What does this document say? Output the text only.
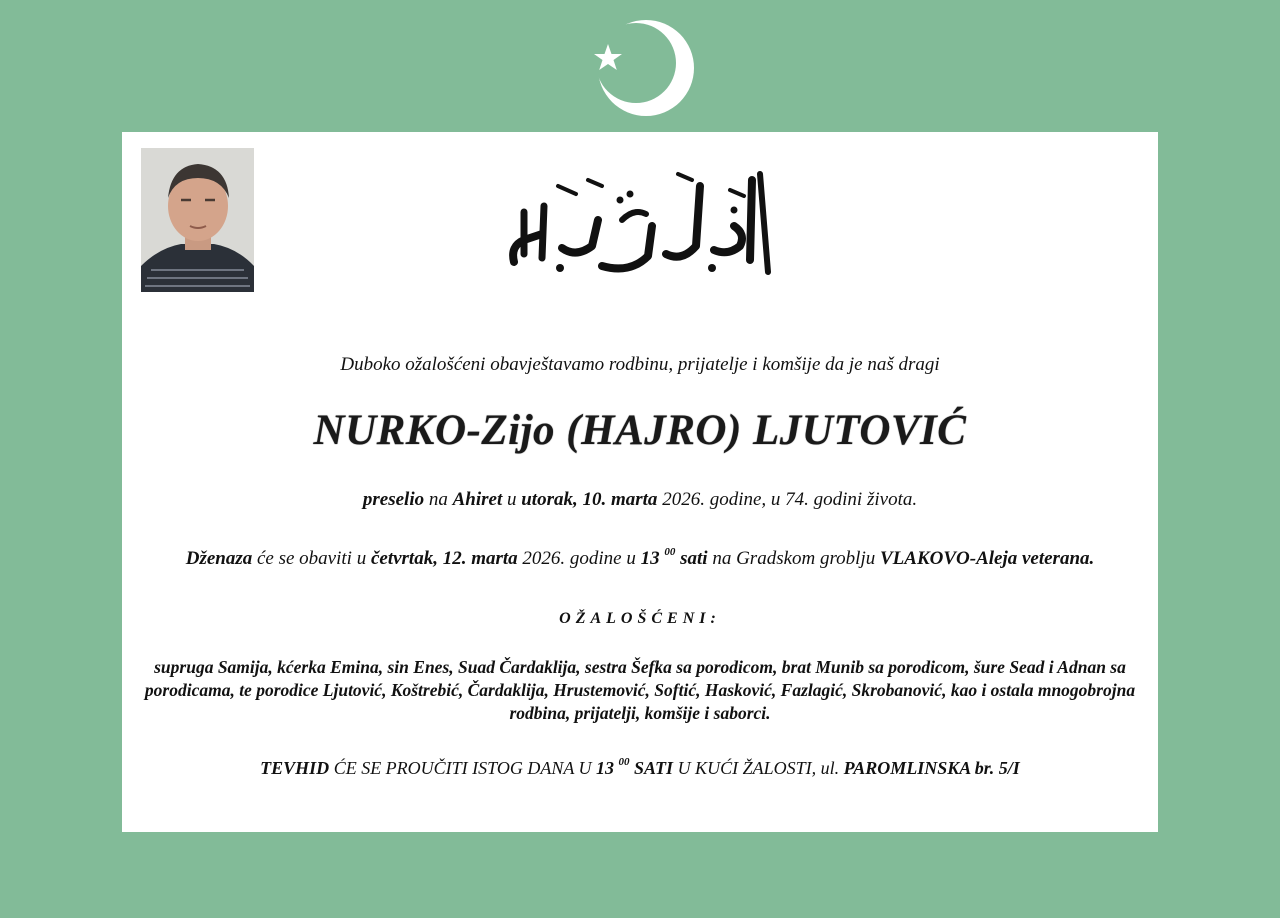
Duboko ožalošćeni obavještavamo rodbinu, prijatelje i komšije da je naš dragi
NURKO-Zijo (HAJRO) LJUTOVIĆ
preselio na Ahiret u utorak, 10. marta 2026. godine, u 74. godini života.
Dženaza će se obaviti u četvrtak, 12. marta 2026. godine u 13 $^{00}$ sati na Gradskom groblju VLAKOVO-Aleja veterana.
OŽALOŠĆENI:
supruga Samija, kćerka Emina, sin Enes, Suad Čardaklija, sestra Šefka sa porodicom, brat Munib sa porodicom, šure Sead i Adnan sa porodicama, te porodice Ljutović, Koštrebić, Čardaklija, Hrustemović, Softić, Hasković, Fazlagić, Skrobanović, kao i ostala mnogobrojna rodbina, prijatelji, komšije i saborci.
TEVHID ĆE SE PROUČITI ISTOG DANA U 13 $^{00}$ SATI U KUĆI ŽALOSTI, ul. PAROMLINSKA br. 5/I
